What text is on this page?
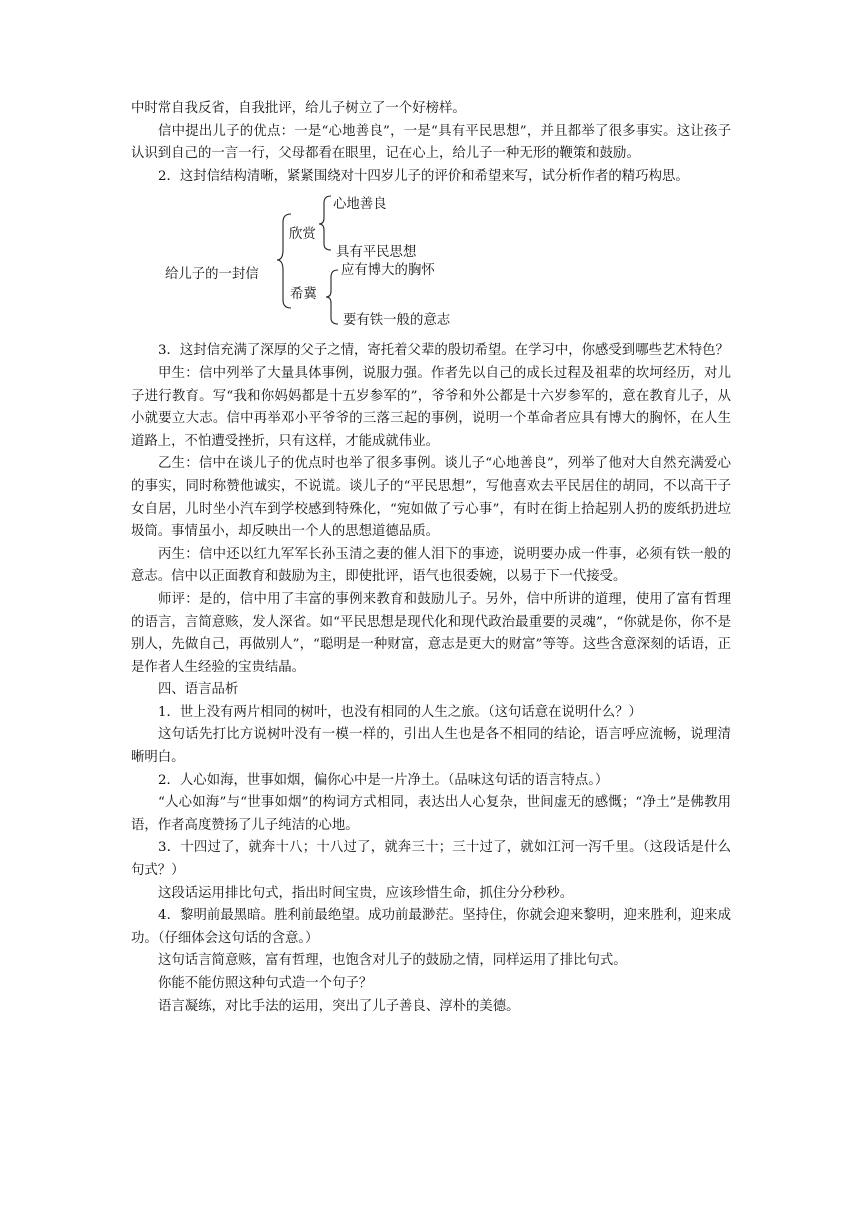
中时常自我反省，自我批评，给儿子树立了一个好榜样。

信中提出儿子的优点：一是“心地善良”，一是“具有平民思想”，并且都举了很多事实。这让孩子认识到自己的一言一行，父母都看在眼里，记在心上，给儿子一种无形的鞭策和鼓励。

2．这封信结构清晰，紧紧围绕对十四岁儿子的评价和希望来写，试分析作者的精巧构思。

给儿子的一封信
欣赏
心地善良
具有平民思想
希冀
应有博大的胸怀
要有铁一般的意志

3．这封信充满了深厚的父子之情，寄托着父辈的殷切希望。在学习中，你感受到哪些艺术特色？

甲生：信中列举了大量具体事例，说服力强。作者先以自己的成长过程及祖辈的坎坷经历，对儿子进行教育。写“我和你妈妈都是十五岁参军的”，爷爷和外公都是十六岁参军的，意在教育儿子，从小就要立大志。信中再举邓小平爷爷的三落三起的事例，说明一个革命者应具有博大的胸怀，在人生道路上，不怕遭受挫折，只有这样，才能成就伟业。

乙生：信中在谈儿子的优点时也举了很多事例。谈儿子“心地善良”，列举了他对大自然充满爱心的事实，同时称赞他诚实，不说谎。谈儿子的“平民思想”，写他喜欢去平民居住的胡同，不以高干子女自居，儿时坐小汽车到学校感到特殊化，“宛如做了亏心事”，有时在街上拾起别人扔的废纸扔进垃圾筒。事情虽小，却反映出一个人的思想道德品质。

丙生：信中还以红九军军长孙玉清之妻的催人泪下的事迹，说明要办成一件事，必须有铁一般的意志。信中以正面教育和鼓励为主，即使批评，语气也很委婉，以易于下一代接受。

师评：是的，信中用了丰富的事例来教育和鼓励儿子。另外，信中所讲的道理，使用了富有哲理的语言，言简意赅，发人深省。如“平民思想是现代化和现代政治最重要的灵魂”，“你就是你，你不是别人，先做自己，再做别人”，“聪明是一种财富，意志是更大的财富”等等。这些含意深刻的话语，正是作者人生经验的宝贵结晶。

四、语言品析

1．世上没有两片相同的树叶，也没有相同的人生之旅。（这句话意在说明什么？）

这句话先打比方说树叶没有一模一样的，引出人生也是各不相同的结论，语言呼应流畅，说理清晰明白。

2．人心如海，世事如烟，偏你心中是一片净土。（品味这句话的语言特点。）

“人心如海”与“世事如烟”的构词方式相同，表达出人心复杂，世间虚无的感慨；“净土”是佛教用语，作者高度赞扬了儿子纯洁的心地。

3．十四过了，就奔十八；十八过了，就奔三十；三十过了，就如江河一泻千里。（这段话是什么句式？）

这段话运用排比句式，指出时间宝贵，应该珍惜生命，抓住分分秒秒。

4．黎明前最黑暗。胜利前最绝望。成功前最渺茫。坚持住，你就会迎来黎明，迎来胜利，迎来成功。（仔细体会这句话的含意。）

这句话言简意赅，富有哲理，也饱含对儿子的鼓励之情，同样运用了排比句式。

你能不能仿照这种句式造一个句子？

语言凝练，对比手法的运用，突出了儿子善良、淳朴的美德。
